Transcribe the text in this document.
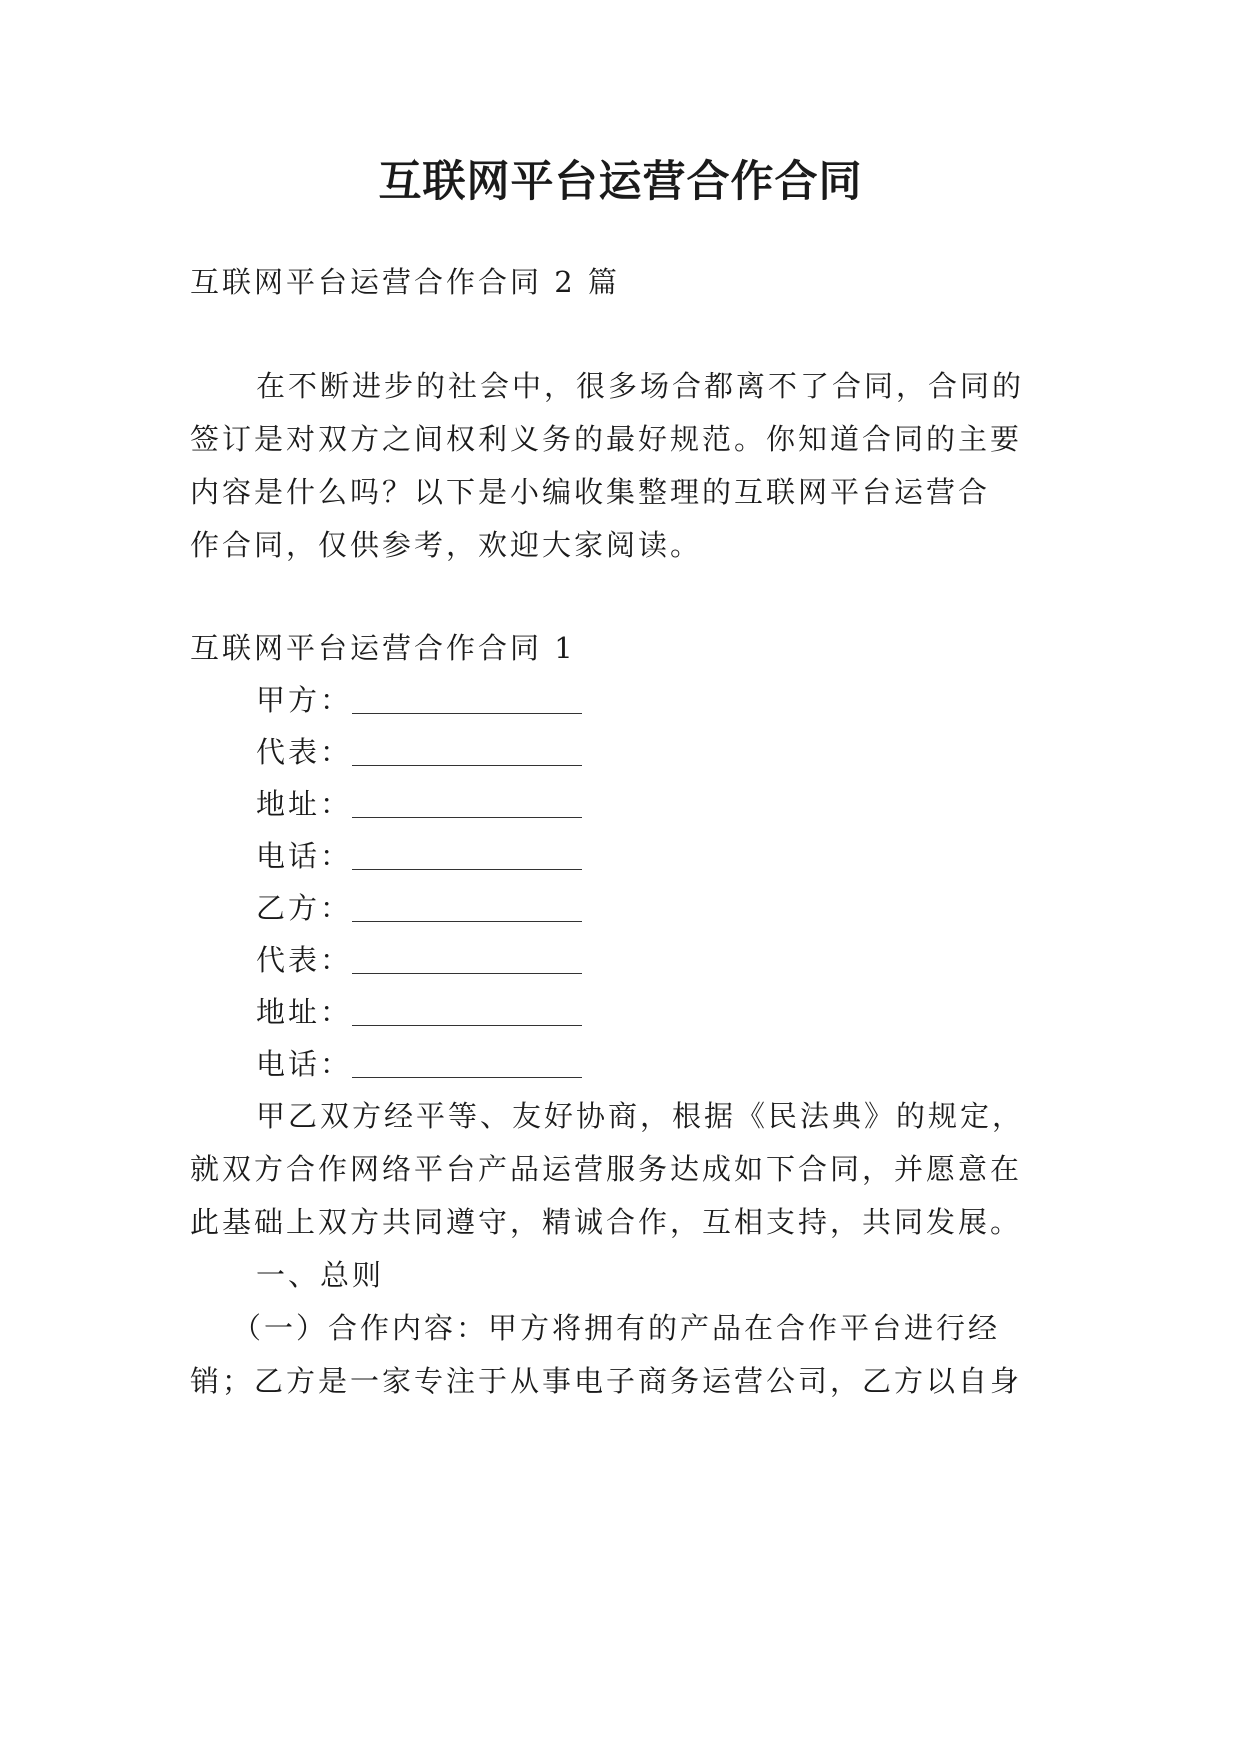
互联网平台运营合作合同
互联网平台运营合作合同 2 篇
在不断进步的社会中，很多场合都离不了合同，合同的
签订是对双方之间权利义务的最好规范。你知道合同的主要
内容是什么吗？以下是小编收集整理的互联网平台运营合
作合同，仅供参考，欢迎大家阅读。
互联网平台运营合作合同 1
甲方：
代表：
地址：
电话：
乙方：
代表：
地址：
电话：
甲乙双方经平等、友好协商，根据《民法典》的规定，
就双方合作网络平台产品运营服务达成如下合同，并愿意在
此基础上双方共同遵守，精诚合作，互相支持，共同发展。
一、总则
（一）合作内容：甲方将拥有的产品在合作平台进行经
销；乙方是一家专注于从事电子商务运营公司，乙方以自身
